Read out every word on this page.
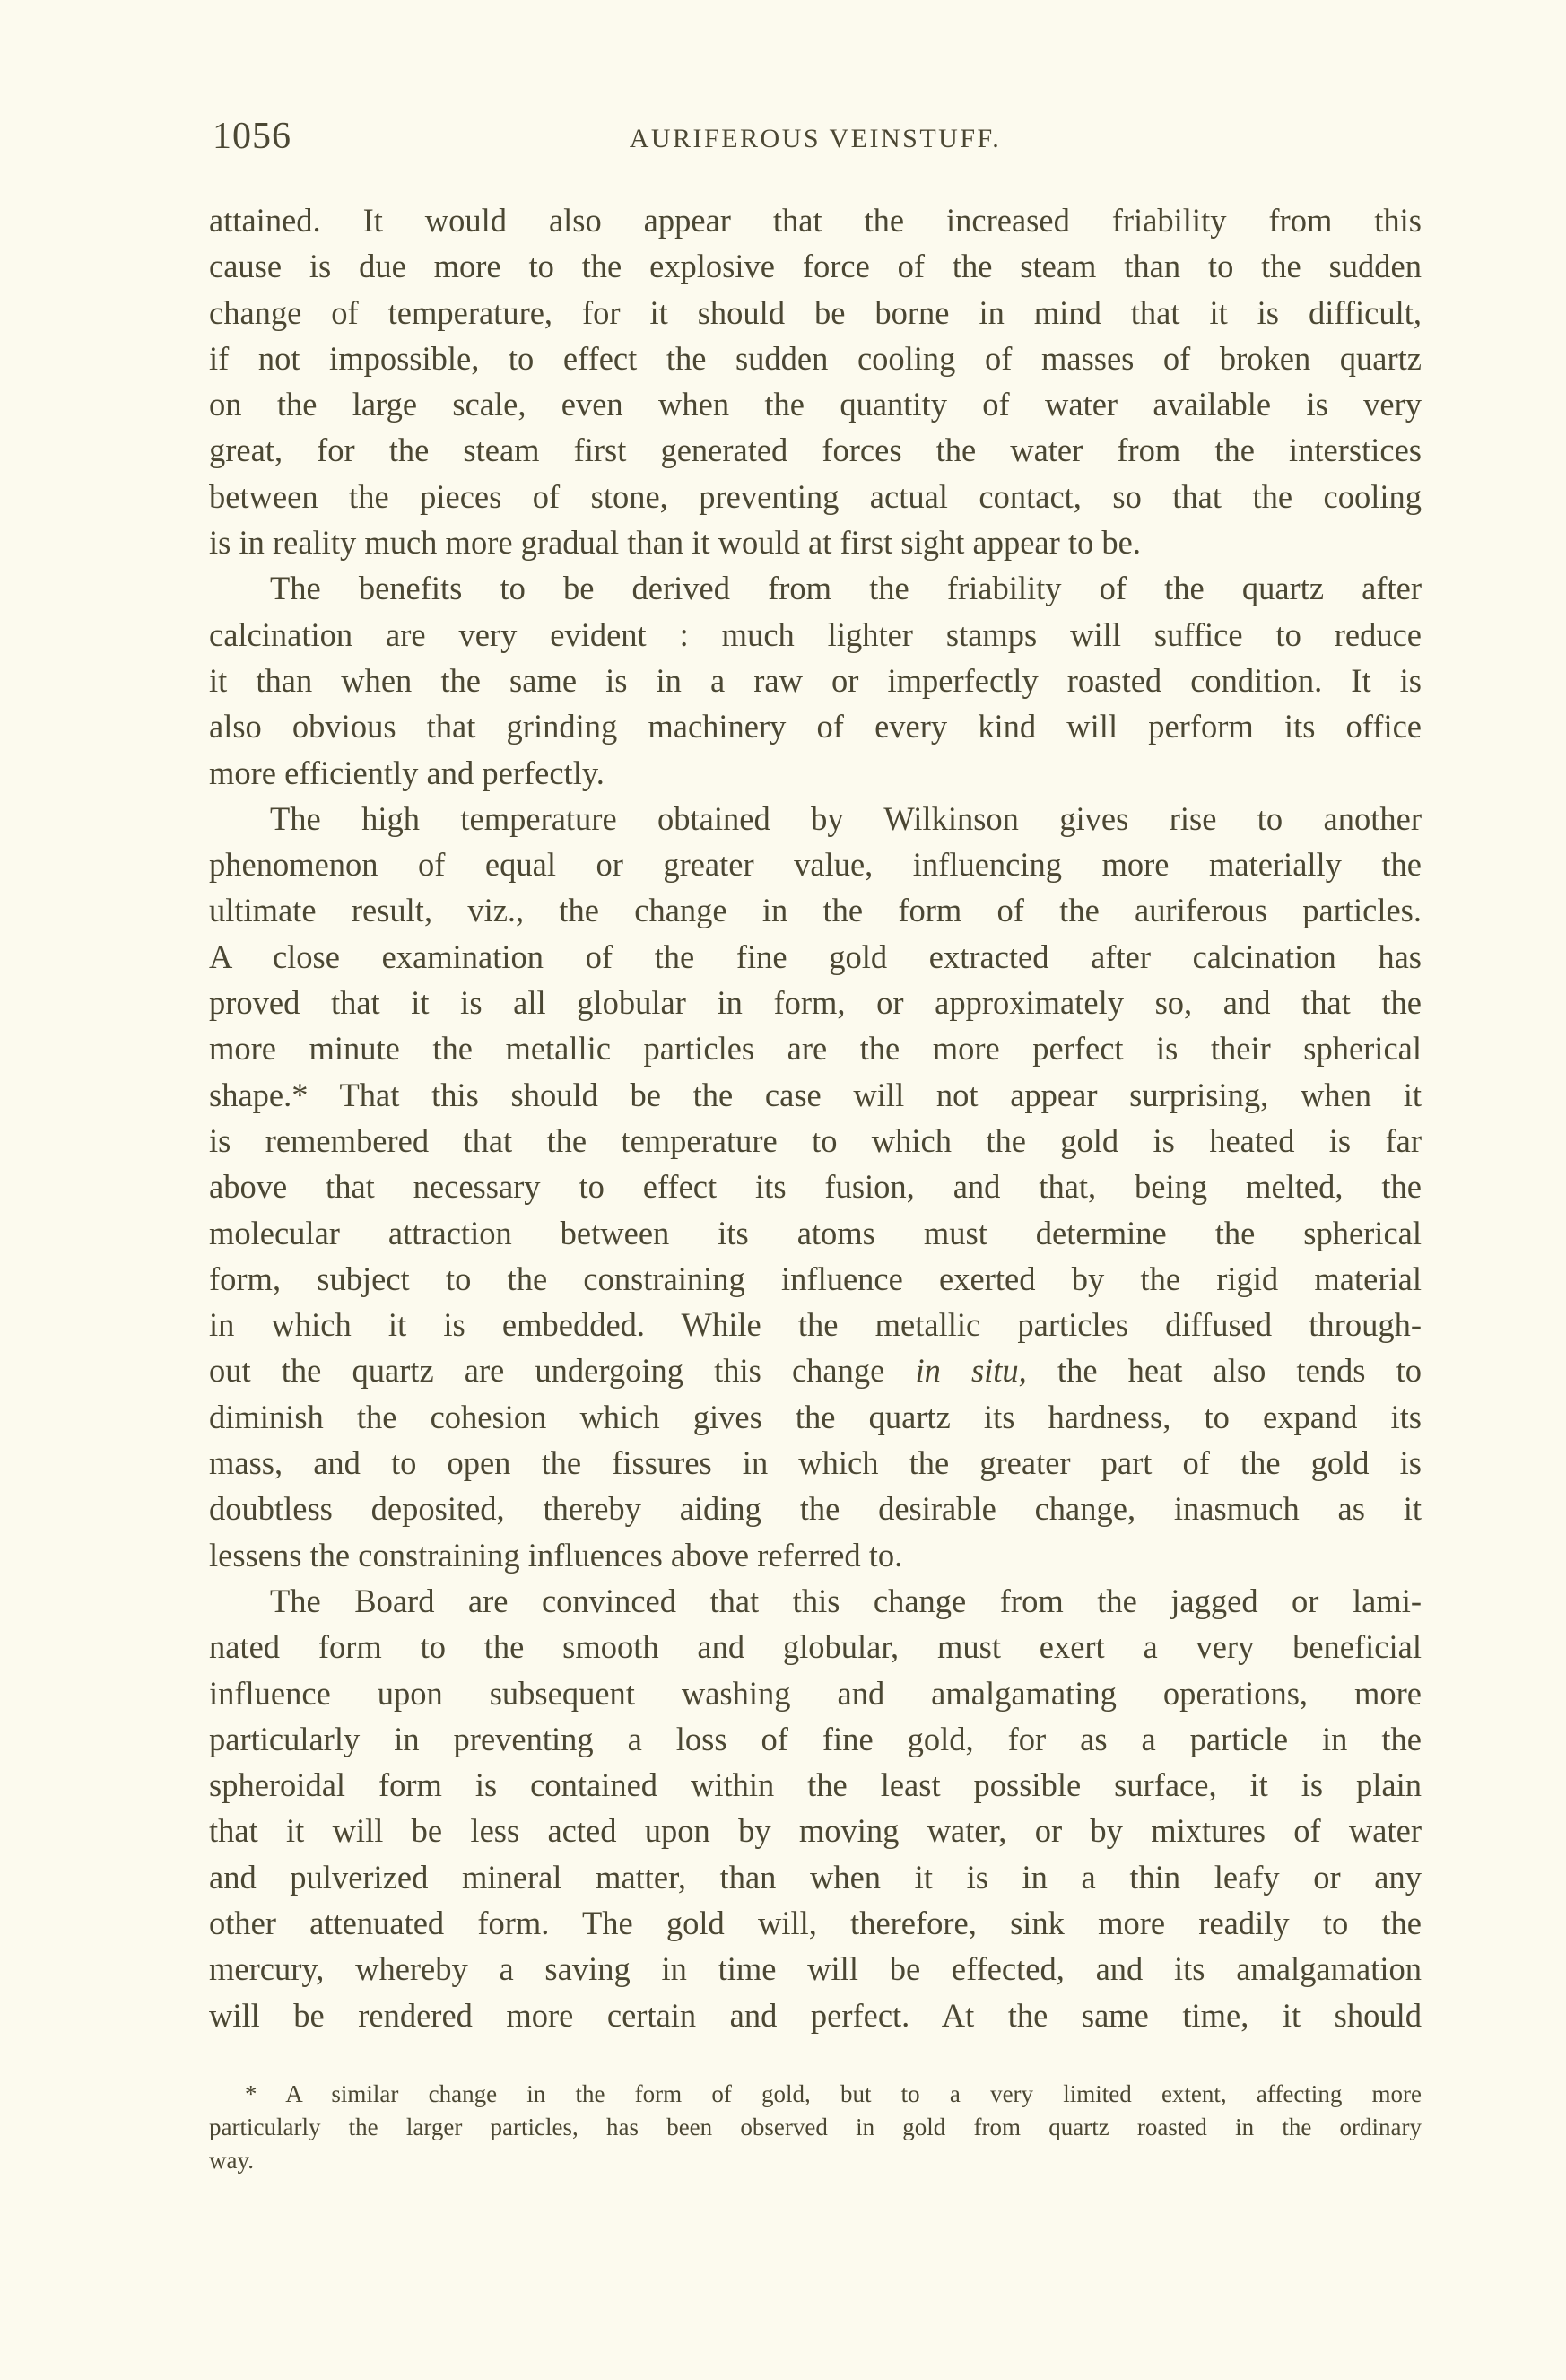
1056	AURIFEROUS VEINSTUFF.
attained. It would also appear that the increased friability from this
cause is due more to the explosive force of the steam than to the sudden
change of temperature, for it should be borne in mind that it is difficult,
if not impossible, to effect the sudden cooling of masses of broken quartz
on the large scale, even when the quantity of water available is very
great, for the steam first generated forces the water from the interstices
between the pieces of stone, preventing actual contact, so that the cooling
is in reality much more gradual than it would at first sight appear to be.
The benefits to be derived from the friability of the quartz after
calcination are very evident : much lighter stamps will suffice to reduce
it than when the same is in a raw or imperfectly roasted condition. It is
also obvious that grinding machinery of every kind will perform its office
more efficiently and perfectly.
The high temperature obtained by Wilkinson gives rise to another
phenomenon of equal or greater value, influencing more materially the
ultimate result, viz., the change in the form of the auriferous particles.
A close examination of the fine gold extracted after calcination has
proved that it is all globular in form, or approximately so, and that the
more minute the metallic particles are the more perfect is their spherical
shape.* That this should be the case will not appear surprising, when it
is remembered that the temperature to which the gold is heated is far
above that necessary to effect its fusion, and that, being melted, the
molecular attraction between its atoms must determine the spherical
form, subject to the constraining influence exerted by the rigid material
in which it is embedded. While the metallic particles diffused through-
out the quartz are undergoing this change in situ, the heat also tends to
diminish the cohesion which gives the quartz its hardness, to expand its
mass, and to open the fissures in which the greater part of the gold is
doubtless deposited, thereby aiding the desirable change, inasmuch as it
lessens the constraining influences above referred to.
The Board are convinced that this change from the jagged or lami-
nated form to the smooth and globular, must exert a very beneficial
influence upon subsequent washing and amalgamating operations, more
particularly in preventing a loss of fine gold, for as a particle in the
spheroidal form is contained within the least possible surface, it is plain
that it will be less acted upon by moving water, or by mixtures of water
and pulverized mineral matter, than when it is in a thin leafy or any
other attenuated form. The gold will, therefore, sink more readily to the
mercury, whereby a saving in time will be effected, and its amalgamation
will be rendered more certain and perfect. At the same time, it should
* A similar change in the form of gold, but to a very limited extent, affecting more
particularly the larger particles, has been observed in gold from quartz roasted in the ordinary
way.
